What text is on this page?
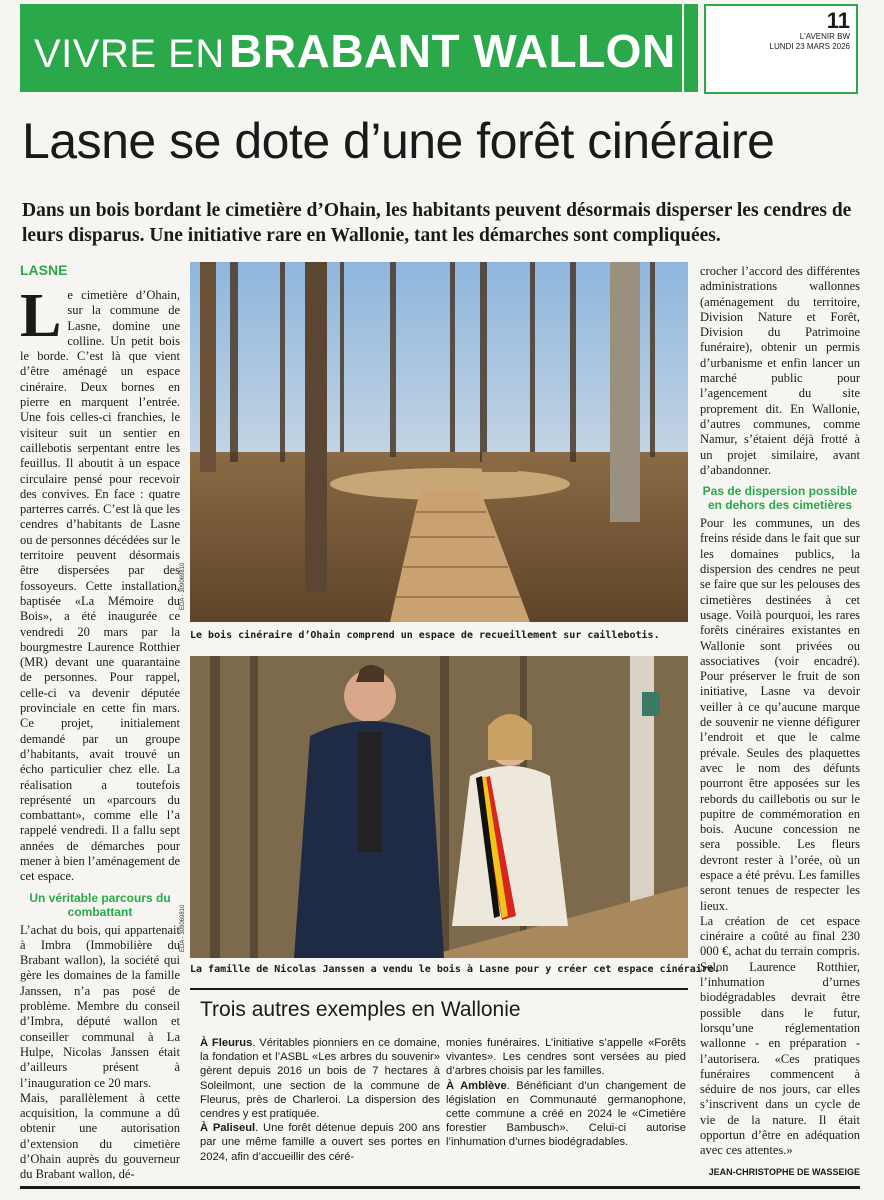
VIVRE EN BRABANT WALLON
11
L'AVENIR BW
LUNDI 23 MARS 2026
Lasne se dote d’une forêt cinéraire
Dans un bois bordant le cimetière d’Ohain, les habitants peuvent désormais disperser les cendres de leurs disparus. Une initiative rare en Wallonie, tant les démarches sont compliquées.
LASNE

Le cimetière d’Ohain, sur la commune de Lasne, domine une colline. Un petit bois le borde. C’est là que vient d’être aménagé un espace cinéraire. Deux bornes en pierre en marquent l’entrée. Une fois celles-ci franchies, le visiteur suit un sentier en caillebotis serpentant entre les feuillus. Il aboutit à un espace circulaire pensé pour recevoir des convives. En face : quatre parterres carrés. C’est là que les cendres d’habitants de Lasne ou de personnes décédées sur le territoire peuvent désormais être dispersées par des fossoyeurs. Cette installation, baptisée «La Mémoire du Bois», a été inaugurée ce vendredi 20 mars par la bourgmestre Laurence Rotthier (MR) devant une quarantaine de personnes. Pour rappel, celle-ci va devenir députée provinciale en cette fin mars. Ce projet, initialement demandé par un groupe d’habitants, avait trouvé un écho particulier chez elle. La réalisation a toutefois représenté un «parcours du combattant», comme elle l’a rappelé vendredi. Il a fallu sept années de démarches pour mener à bien l’aménagement de cet espace.

Un véritable parcours du combattant

L’achat du bois, qui appartenait à Imbra (Immobilière du Brabant wallon), la société qui gère les domaines de la famille Janssen, n’a pas posé de problème. Membre du conseil d’Imbra, député wallon et conseiller communal à La Hulpe, Nicolas Janssen était d’ailleurs présent à l’inauguration ce 20 mars.

Mais, parallèlement à cette acquisition, la commune a dû obtenir une autorisation d’extension du cimetière d’Ohain auprès du gouverneur du Brabant wallon, dé-

EDA - 309069810
Le bois cinéraire d’Ohain comprend un espace de recueillement sur caillebotis.
EDA - 309069810
La famille de Nicolas Janssen a vendu le bois à Lasne pour y créer cet espace cinéraire.
Trois autres exemples en Wallonie

À Fleurus. Véritables pionniers en ce domaine, la fondation et l’ASBL «Les arbres du souvenir» gèrent depuis 2016 un bois de 7 hectares à Soleilmont, une section de la commune de Fleurus, près de Charleroi. La dispersion des cendres y est pratiquée.

À Paliseul. Une forêt détenue depuis 200 ans par une même famille a ouvert ses portes en 2024, afin d’accueillir des céré-

monies funéraires. L’initiative s’appelle «Forêts vivantes». Les cendres sont versées au pied d’arbres choisis par les familles.

À Amblève. Bénéficiant d’un changement de législation en Communauté germanophone, cette commune a créé en 2024 le «Cimetière forestier Bambusch». Celui-ci autorise l’inhumation d’urnes biodégradables.

crocher l’accord des différentes administrations wallonnes (aménagement du territoire, Division Nature et Forêt, Division du Patrimoine funéraire), obtenir un permis d’urbanisme et enfin lancer un marché public pour l’agencement du site proprement dit. En Wallonie, d’autres communes, comme Namur, s’étaient déjà frotté à un projet similaire, avant d’abandonner.

Pas de dispersion possible en dehors des cimetières

Pour les communes, un des freins réside dans le fait que sur les domaines publics, la dispersion des cendres ne peut se faire que sur les pelouses des cimetières destinées à cet usage. Voilà pourquoi, les rares forêts cinéraires existantes en Wallonie sont privées ou associatives (voir encadré). Pour préserver le fruit de son initiative, Lasne va devoir veiller à ce qu’aucune marque de souvenir ne vienne défigurer l’endroit et que le calme prévale. Seules des plaquettes avec le nom des défunts pourront être apposées sur les rebords du caillebotis ou sur le pupitre de commémoration en bois. Aucune concession ne sera possible. Les fleurs devront rester à l’orée, où un espace a été prévu. Les familles seront tenues de respecter les lieux.

La création de cet espace cinéraire a coûté au final 230 000 €, achat du terrain compris. Selon Laurence Rotthier, l’inhumation d’urnes biodégradables devrait être possible dans le futur, lorsqu’une réglementation wallonne - en préparation - l’autorisera. «Ces pratiques funéraires commencent à séduire de nos jours, car elles s’inscrivent dans un cycle de vie de la nature. Il était opportun d’être en adéquation avec ces attentes.»

JEAN-CHRISTOPHE DE WASSEIGE
